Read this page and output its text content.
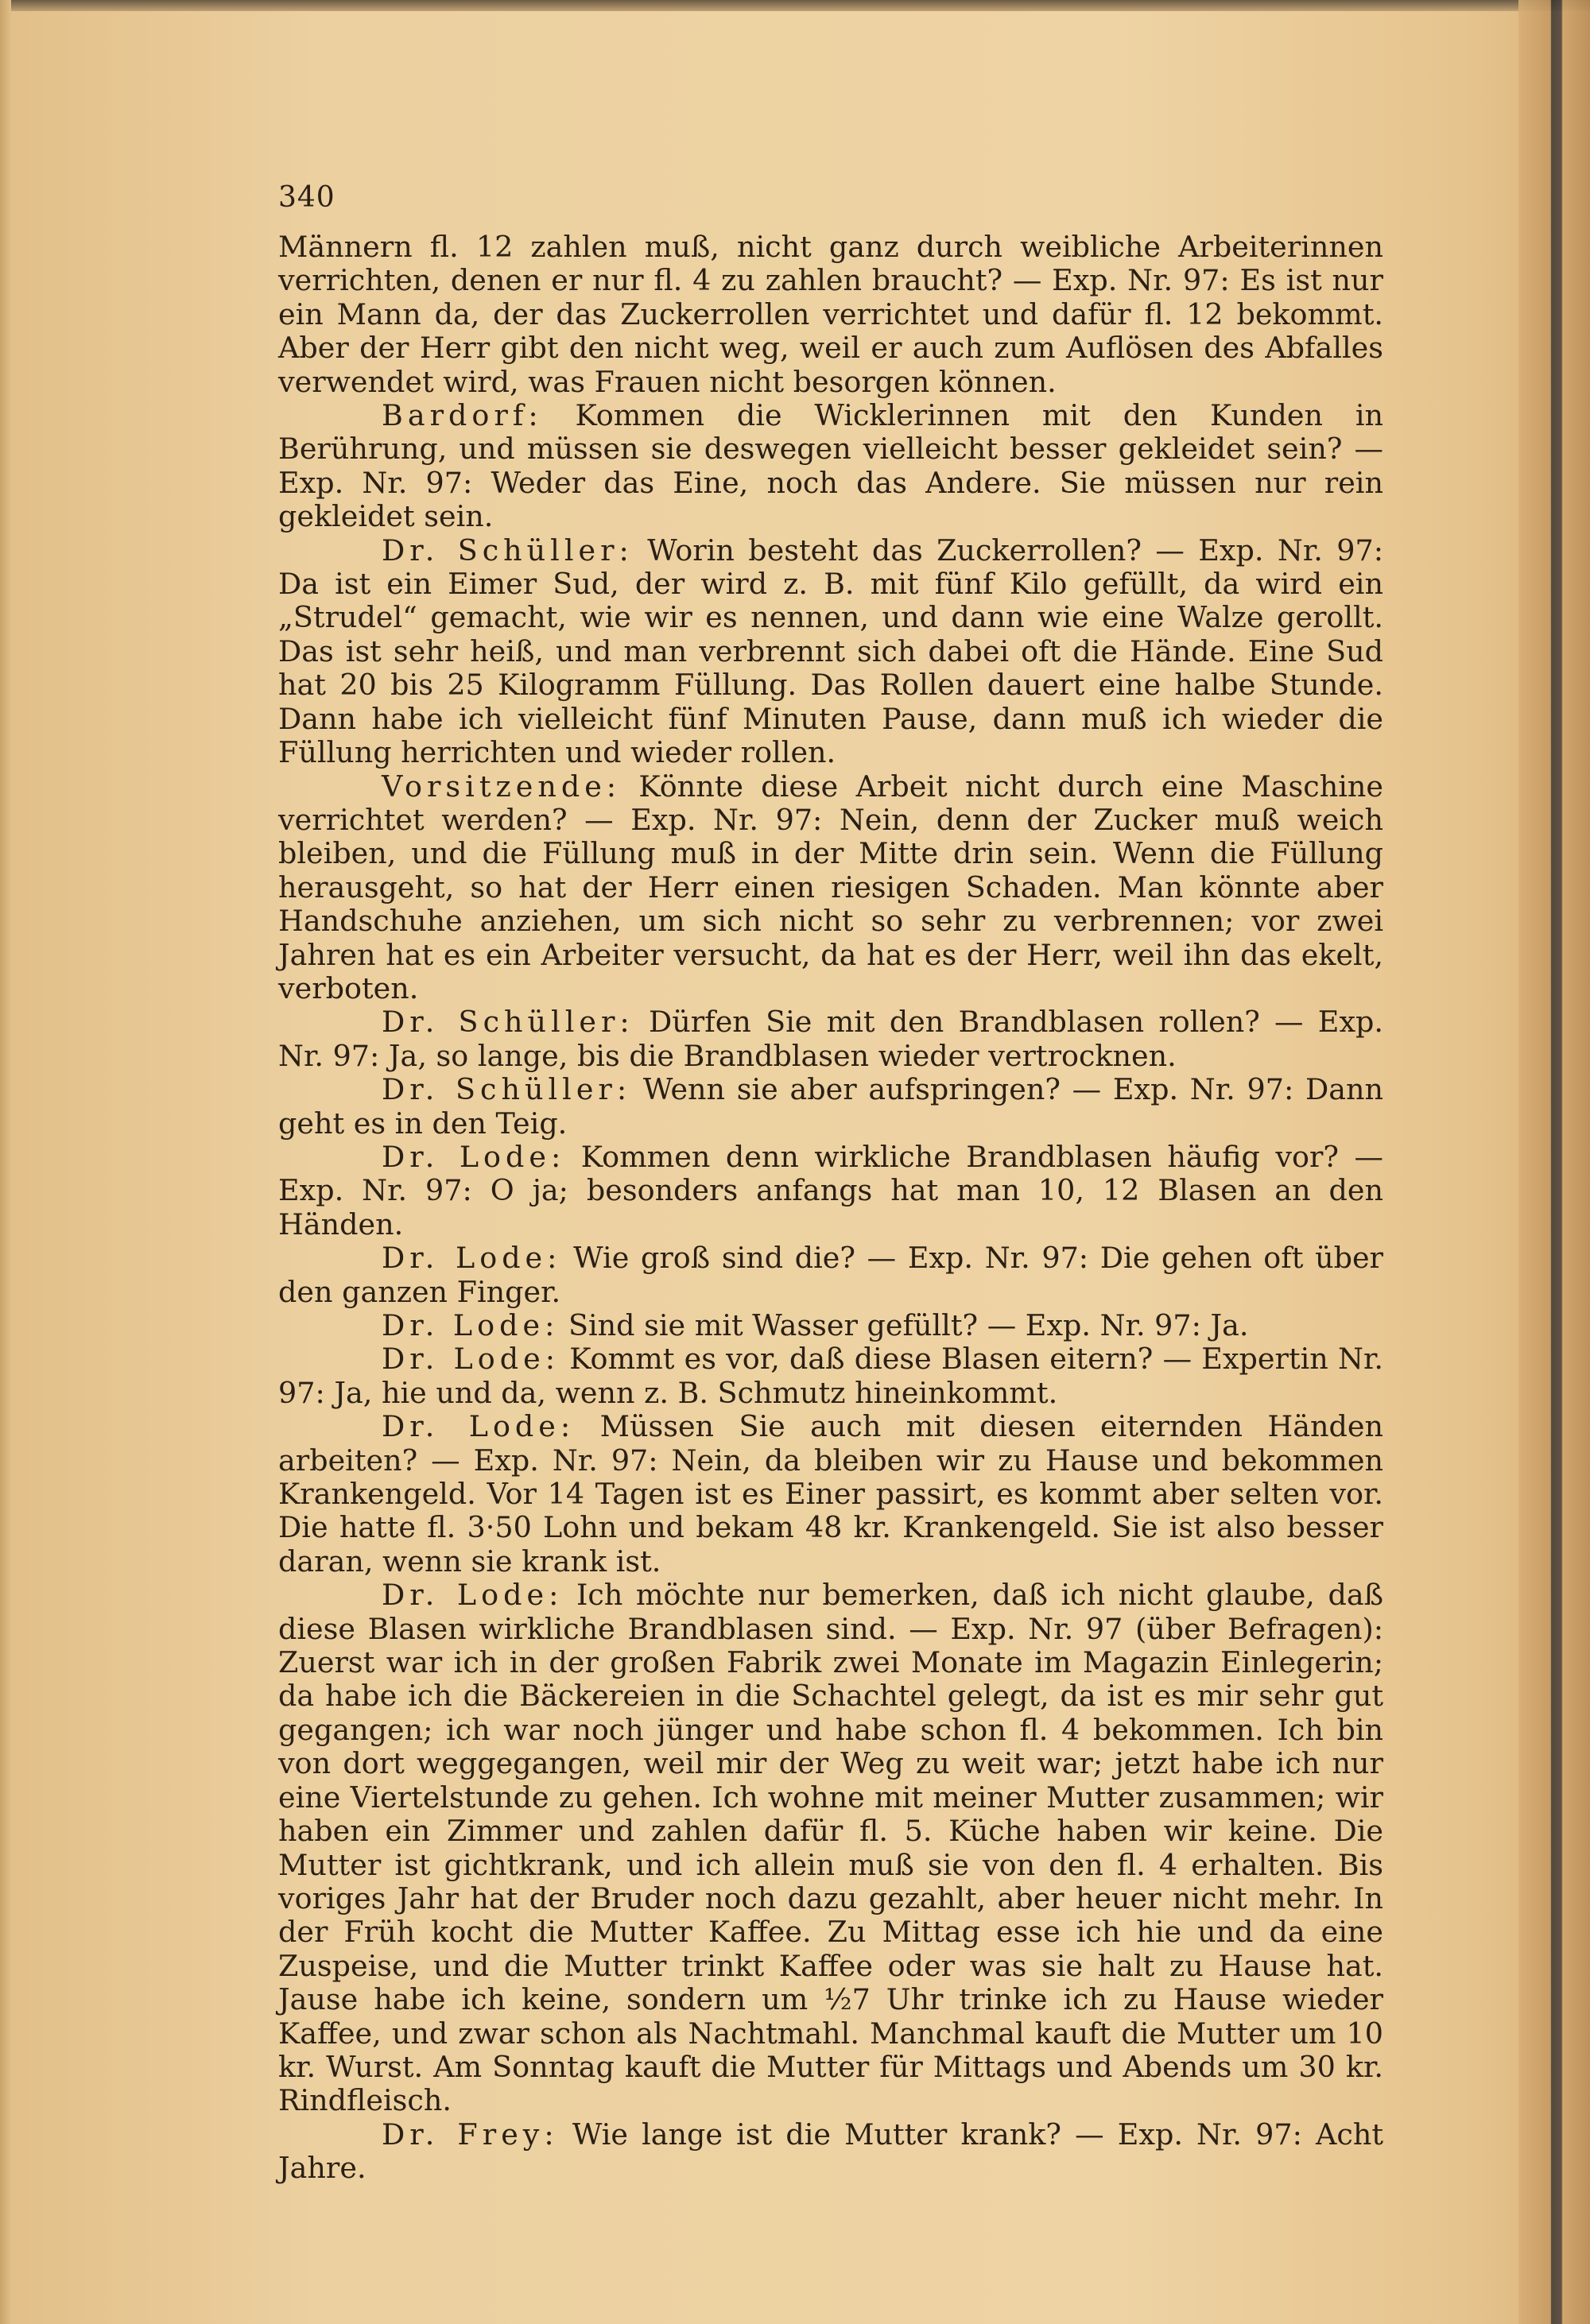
340

Männern fl. 12 zahlen muß, nicht ganz durch weibliche Arbeiterinnen verrichten, denen er nur fl. 4 zu zahlen braucht? — Exp. Nr. 97: Es ist nur ein Mann da, der das Zuckerrollen verrichtet und dafür fl. 12 bekommt. Aber der Herr gibt den nicht weg, weil er auch zum Auflösen des Abfalles verwendet wird, was Frauen nicht besorgen können.

Bardorf: Kommen die Wicklerinnen mit den Kunden in Berührung, und müssen sie deswegen vielleicht besser gekleidet sein? — Exp. Nr. 97: Weder das Eine, noch das Andere. Sie müssen nur rein gekleidet sein.

Dr. Schüller: Worin besteht das Zuckerrollen? — Exp. Nr. 97: Da ist ein Eimer Sud, der wird z. B. mit fünf Kilo gefüllt, da wird ein „Strudel“ gemacht, wie wir es nennen, und dann wie eine Walze gerollt. Das ist sehr heiß, und man verbrennt sich dabei oft die Hände. Eine Sud hat 20 bis 25 Kilogramm Füllung. Das Rollen dauert eine halbe Stunde. Dann habe ich vielleicht fünf Minuten Pause, dann muß ich wieder die Füllung herrichten und wieder rollen.

Vorsitzende: Könnte diese Arbeit nicht durch eine Maschine verrichtet werden? — Exp. Nr. 97: Nein, denn der Zucker muß weich bleiben, und die Füllung muß in der Mitte drin sein. Wenn die Füllung herausgeht, so hat der Herr einen riesigen Schaden. Man könnte aber Handschuhe anziehen, um sich nicht so sehr zu verbrennen; vor zwei Jahren hat es ein Arbeiter versucht, da hat es der Herr, weil ihn das ekelt, verboten.

Dr. Schüller: Dürfen Sie mit den Brandblasen rollen? — Exp. Nr. 97: Ja, so lange, bis die Brandblasen wieder vertrocknen.

Dr. Schüller: Wenn sie aber aufspringen? — Exp. Nr. 97: Dann geht es in den Teig.

Dr. Lode: Kommen denn wirkliche Brandblasen häufig vor? — Exp. Nr. 97: O ja; besonders anfangs hat man 10, 12 Blasen an den Händen.

Dr. Lode: Wie groß sind die? — Exp. Nr. 97: Die gehen oft über den ganzen Finger.

Dr. Lode: Sind sie mit Wasser gefüllt? — Exp. Nr. 97: Ja.

Dr. Lode: Kommt es vor, daß diese Blasen eitern? — Expertin Nr. 97: Ja, hie und da, wenn z. B. Schmutz hineinkommt.

Dr. Lode: Müssen Sie auch mit diesen eiternden Händen arbeiten? — Exp. Nr. 97: Nein, da bleiben wir zu Hause und bekommen Krankengeld. Vor 14 Tagen ist es Einer passirt, es kommt aber selten vor. Die hatte fl. 3·50 Lohn und bekam 48 kr. Krankengeld. Sie ist also besser daran, wenn sie krank ist.

Dr. Lode: Ich möchte nur bemerken, daß ich nicht glaube, daß diese Blasen wirkliche Brandblasen sind. — Exp. Nr. 97 (über Befragen): Zuerst war ich in der großen Fabrik zwei Monate im Magazin Einlegerin; da habe ich die Bäckereien in die Schachtel gelegt, da ist es mir sehr gut gegangen; ich war noch jünger und habe schon fl. 4 bekommen. Ich bin von dort weggegangen, weil mir der Weg zu weit war; jetzt habe ich nur eine Viertelstunde zu gehen. Ich wohne mit meiner Mutter zusammen; wir haben ein Zimmer und zahlen dafür fl. 5. Küche haben wir keine. Die Mutter ist gichtkrank, und ich allein muß sie von den fl. 4 erhalten. Bis voriges Jahr hat der Bruder noch dazu gezahlt, aber heuer nicht mehr. In der Früh kocht die Mutter Kaffee. Zu Mittag esse ich hie und da eine Zuspeise, und die Mutter trinkt Kaffee oder was sie halt zu Hause hat. Jause habe ich keine, sondern um ½7 Uhr trinke ich zu Hause wieder Kaffee, und zwar schon als Nachtmahl. Manchmal kauft die Mutter um 10 kr. Wurst. Am Sonntag kauft die Mutter für Mittags und Abends um 30 kr. Rindfleisch.

Dr. Frey: Wie lange ist die Mutter krank? — Exp. Nr. 97: Acht Jahre.
